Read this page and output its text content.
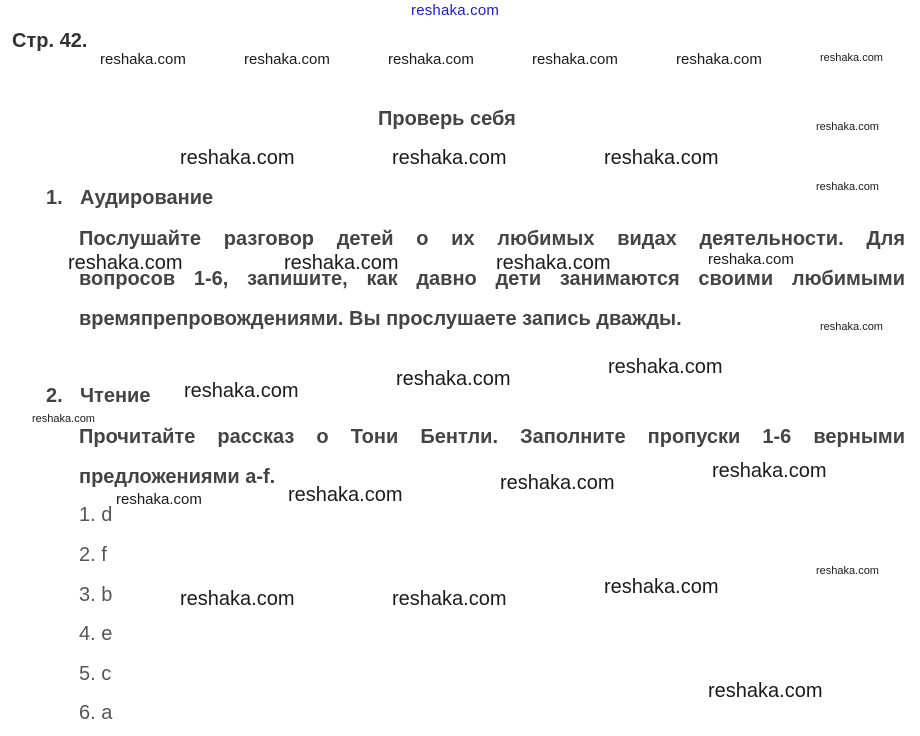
reshaka.com
Стр. 42.
Проверь себя
1. Аудирование
Послушайте разговор детей о их любимых видах деятельности. Для
вопросов 1-6, запишите, как давно дети занимаются своими любимыми
времяпрепровождениями. Вы прослушаете запись дважды.
2. Чтение
Прочитайте рассказ о Тони Бентли. Заполните пропуски 1-6 верными
предложениями a-f.
1. d
2. f
3. b
4. e
5. c
6. a
reshaka.com	reshaka.com	reshaka.com	reshaka.com	reshaka.com	reshaka.com
reshaka.com
reshaka.com	reshaka.com	reshaka.com
reshaka.com
reshaka.com	reshaka.com	reshaka.com	reshaka.com
reshaka.com
reshaka.com
reshaka.com
reshaka.com
reshaka.com
reshaka.com
reshaka.com
reshaka.com
reshaka.com
reshaka.com
reshaka.com
reshaka.com
reshaka.com
reshaka.com
